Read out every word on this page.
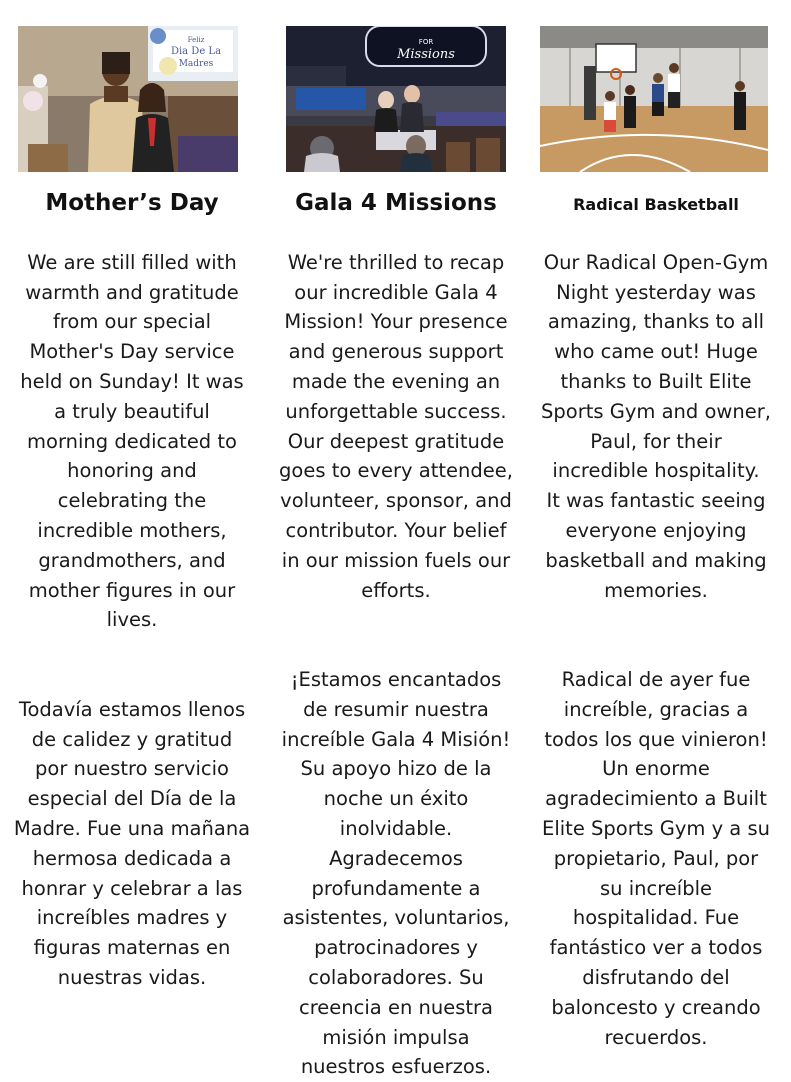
Feliz
Dia De La
Madres
Mother’s Day

We are still filled with
warmth and gratitude
from our special
Mother's Day service
held on Sunday! It was
a truly beautiful
morning dedicated to
honoring and
celebrating the
incredible mothers,
grandmothers, and
mother figures in our
lives.

Todavía estamos llenos
de calidez y gratitud
por nuestro servicio
especial del Día de la
Madre. Fue una mañana
hermosa dedicada a
honrar y celebrar a las
increíbles madres y
figuras maternas en
nuestras vidas.

FOR
Missions
Gala 4 Missions

We're thrilled to recap
our incredible Gala 4
Mission! Your presence
and generous support
made the evening an
unforgettable success.
Our deepest gratitude
goes to every attendee,
volunteer, sponsor, and
contributor. Your belief
in our mission fuels our
efforts.

¡Estamos encantados
de resumir nuestra
increíble Gala 4 Misión!
Su apoyo hizo de la
noche un éxito
inolvidable.
Agradecemos
profundamente a
asistentes, voluntarios,
patrocinadores y
colaboradores. Su
creencia en nuestra
misión impulsa
nuestros esfuerzos.

Radical Basketball

Our Radical Open-Gym
Night yesterday was
amazing, thanks to all
who came out! Huge
thanks to Built Elite
Sports Gym and owner,
Paul, for their
incredible hospitality.
It was fantastic seeing
everyone enjoying
basketball and making
memories.

Radical de ayer fue
increíble, gracias a
todos los que vinieron!
Un enorme
agradecimiento a Built
Elite Sports Gym y a su
propietario, Paul, por
su increíble
hospitalidad. Fue
fantástico ver a todos
disfrutando del
baloncesto y creando
recuerdos.
